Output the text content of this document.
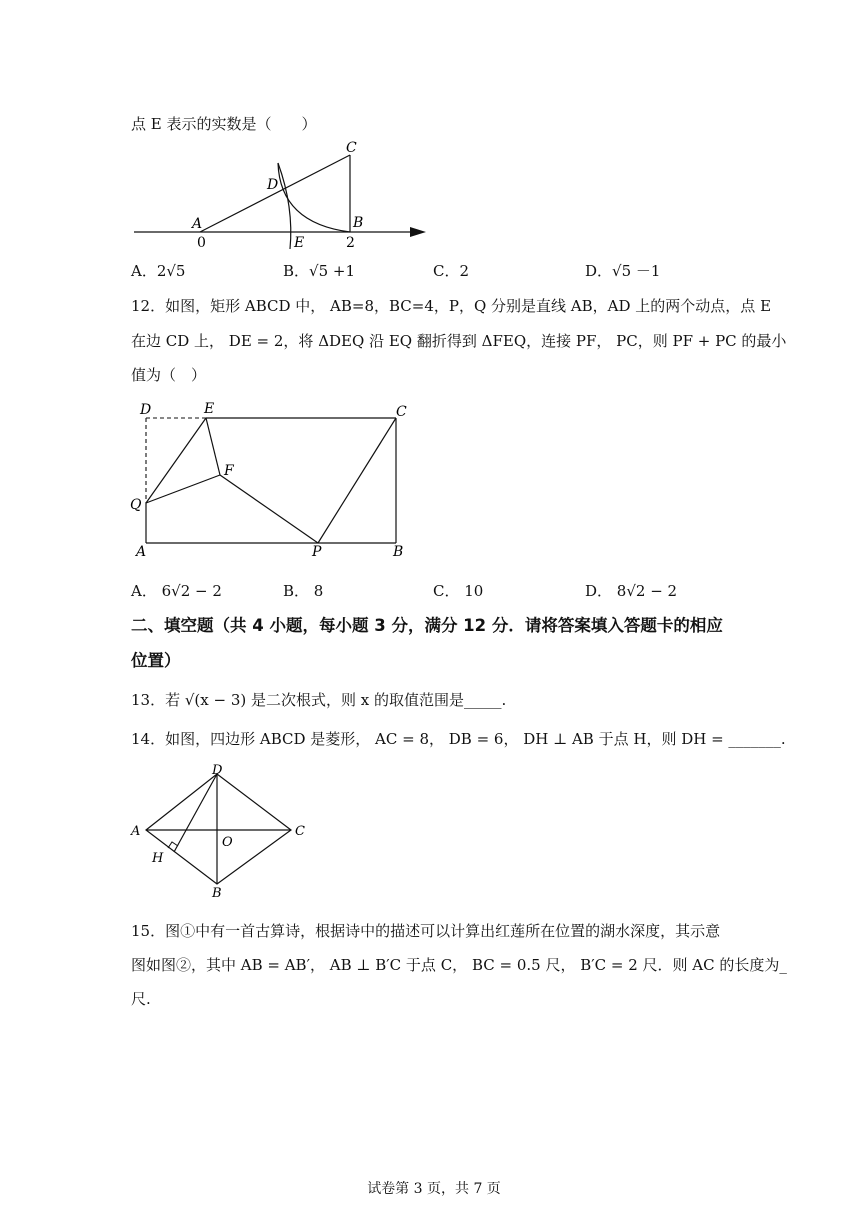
点 E 表示的实数是（　　）
C
D
A	B
0	E	2
A．2√5	B．√5 +1	C．2	D．√5 －1
12．如图，矩形 ABCD 中， AB=8，BC=4，P，Q 分别是直线 AB，AD 上的两个动点，点 E
在边 CD 上， DE = 2，将 ΔDEQ 沿 EQ 翻折得到 ΔFEQ，连接 PF， PC，则 PF + PC 的最小
值为（　）
D	E	C
F
Q
A	P	B
A． 6√2 − 2	B． 8	C． 10	D． 8√2 − 2
二、填空题（共 4 小题，每小题 3 分，满分 12 分．请将答案填入答题卡的相应
位置）
13．若 √(x − 3) 是二次根式，则 x 的取值范围是_____.
14．如图，四边形 ABCD 是菱形， AC = 8， DB = 6， DH ⊥ AB 于点 H，则 DH = _______.
D
A
O
C
H
B
15．图①中有一首古算诗，根据诗中的描述可以计算出红莲所在位置的湖水深度，其示意
图如图②，其中 AB = AB′， AB ⊥ B′C 于点 C， BC = 0.5 尺， B′C = 2 尺．则 AC 的长度为_
尺.
试卷第 3 页，共 7 页
